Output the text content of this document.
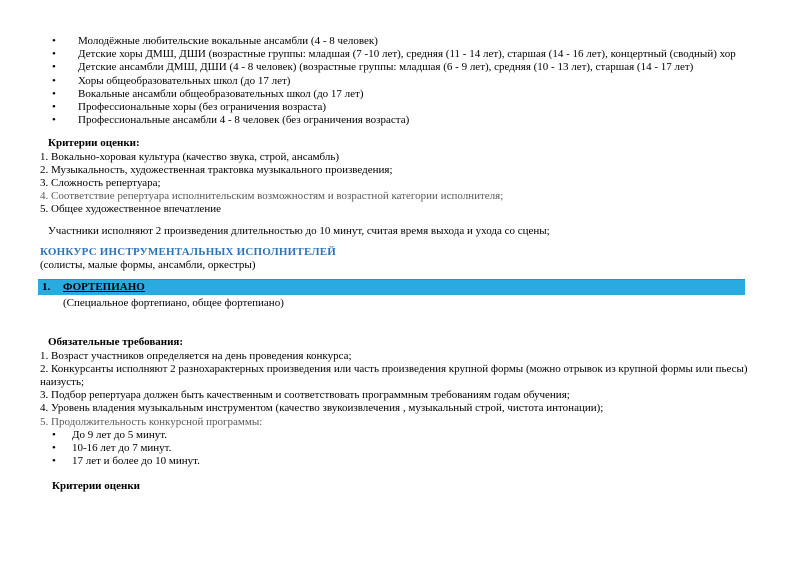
• Молодёжные любительские вокальные ансамбли (4 - 8 человек)
• Детские хоры ДМШ, ДШИ (возрастные группы: младшая (7 -10 лет), средняя (11 - 14 лет), старшая (14 - 16 лет), концертный (сводный) хор
• Детские ансамбли ДМШ, ДШИ (4 - 8 человек) (возрастные группы: младшая (6 - 9 лет), средняя (10 - 13 лет), старшая (14 - 17 лет)
• Хоры общеобразовательных школ (до 17 лет)
• Вокальные ансамбли общеобразовательных школ (до 17 лет)
• Профессиональные хоры (без ограничения возраста)
• Профессиональные ансамбли 4 - 8 человек (без ограничения возраста)

Критерии оценки:

1. Вокально-хоровая культура (качество звука, строй, ансамбль)

2. Музыкальность, художественная трактовка музыкального произведения;

3. Сложность репертуара;

4. Соответствие репертуара исполнительским возможностям и возрастной категории исполнителя;

5. Общее художественное впечатление

Участники исполняют 2 произведения длительностью до 10 минут, считая время выхода и ухода со сцены;

КОНКУРС ИНСТРУМЕНТАЛЬНЫХ ИСПОЛНИТЕЛЕЙ

(солисты, малые формы, ансамбли, оркестры)

1.	ФОРТЕПИАНО

(Специальное фортепиано, общее фортепиано)

Обязательные требования:

1. Возраст участников определяется на день проведения конкурса;

2. Конкурсанты исполняют 2 разнохарактерных произведения или часть произведения крупной формы (можно отрывок из крупной формы или пьесы) наизусть;

3. Подбор репертуара должен быть качественным и соответствовать программным требованиям годам обучения;

4. Уровень владения музыкальным инструментом (качество звукоизвлечения , музыкальный строй, чистота интонации);

5. Продолжительность конкурсной программы:

• До 9 лет до 5 минут.
• 10-16 лет до 7 минут.
• 17 лет и более до 10 минут.

Критерии оценки
